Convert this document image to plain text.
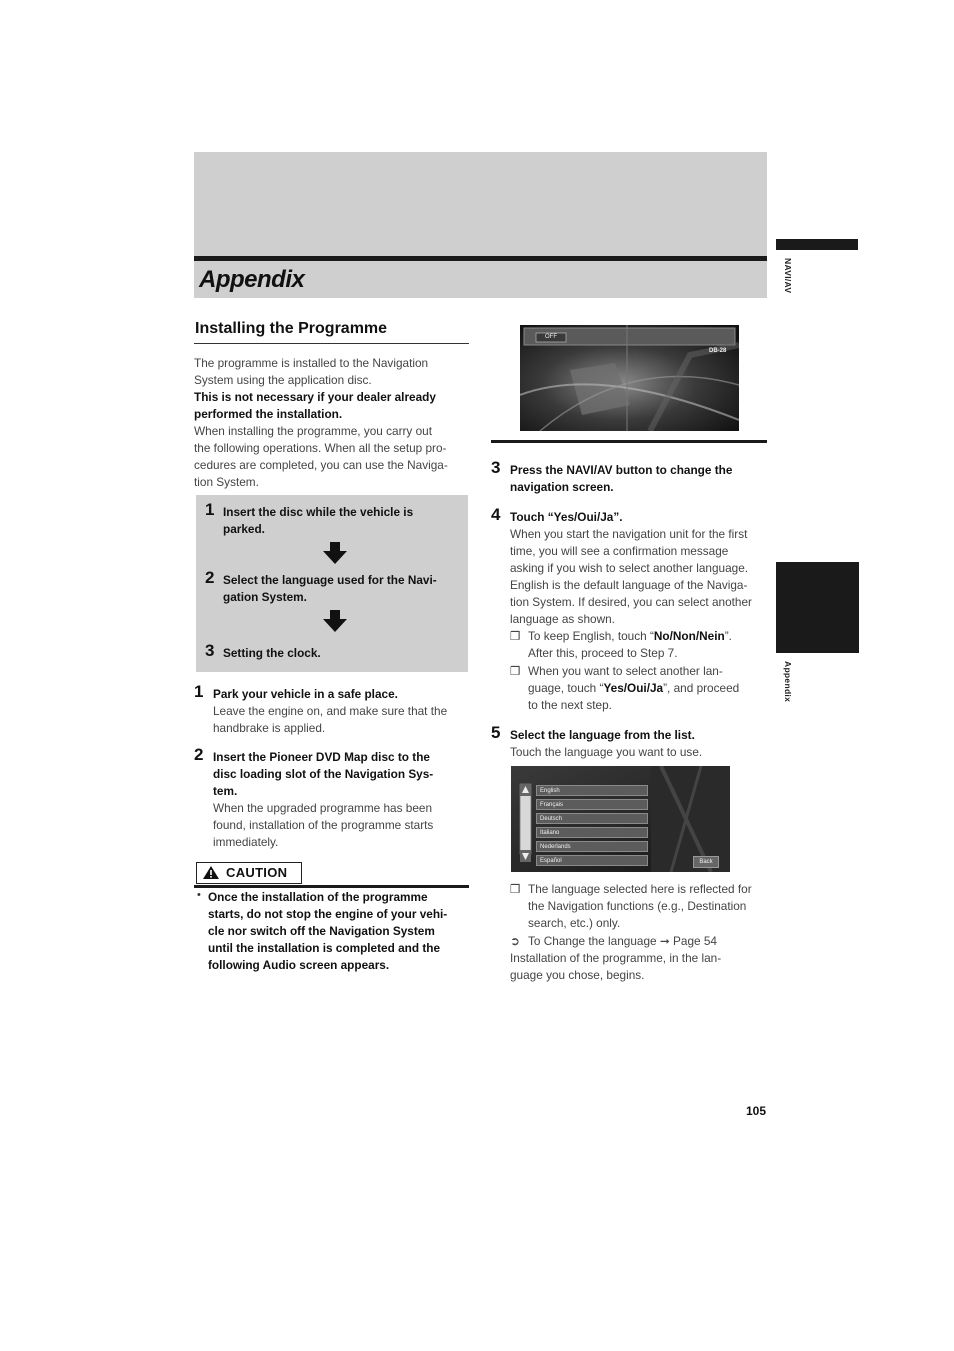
Appendix	NAVI/AV
Appendix
Installing the Programme
The programme is installed to the Navigation
System using the application disc.
This is not necessary if your dealer already
performed the installation.
When installing the programme, you carry out
the following operations. When all the setup pro-
cedures are completed, you can use the Naviga-
tion System.
1 Insert the disc while the vehicle is
parked.
2 Select the language used for the Navi-
gation System.
3 Setting the clock.
1 Park your vehicle in a safe place.
Leave the engine on, and make sure that the
handbrake is applied.
2 Insert the Pioneer DVD Map disc to the
disc loading slot of the Navigation Sys-
tem.
When the upgraded programme has been
found, installation of the programme starts
immediately.
CAUTION
• Once the installation of the programme
starts, do not stop the engine of your vehi-
cle nor switch off the Navigation System
until the installation is completed and the
following Audio screen appears.
OFF
DB-28
3 Press the NAVI/AV button to change the
navigation screen.
4 Touch “Yes/Oui/Ja”.
When you start the navigation unit for the first
time, you will see a confirmation message
asking if you wish to select another language.
English is the default language of the Naviga-
tion System. If desired, you can select another
language as shown.
❒ To keep English, touch “No/Non/Nein”.
After this, proceed to Step 7.
❒ When you want to select another lan-
guage, touch “Yes/Oui/Ja”, and proceed
to the next step.
5 Select the language from the list.
Touch the language you want to use.
English
Français
Deutsch
Italiano
Nederlands
Español	Back
❒ The language selected here is reflected for
the Navigation functions (e.g., Destination
search, etc.) only.
➲ To Change the language ➞ Page 54
Installation of the programme, in the lan-
guage you chose, begins.
105
